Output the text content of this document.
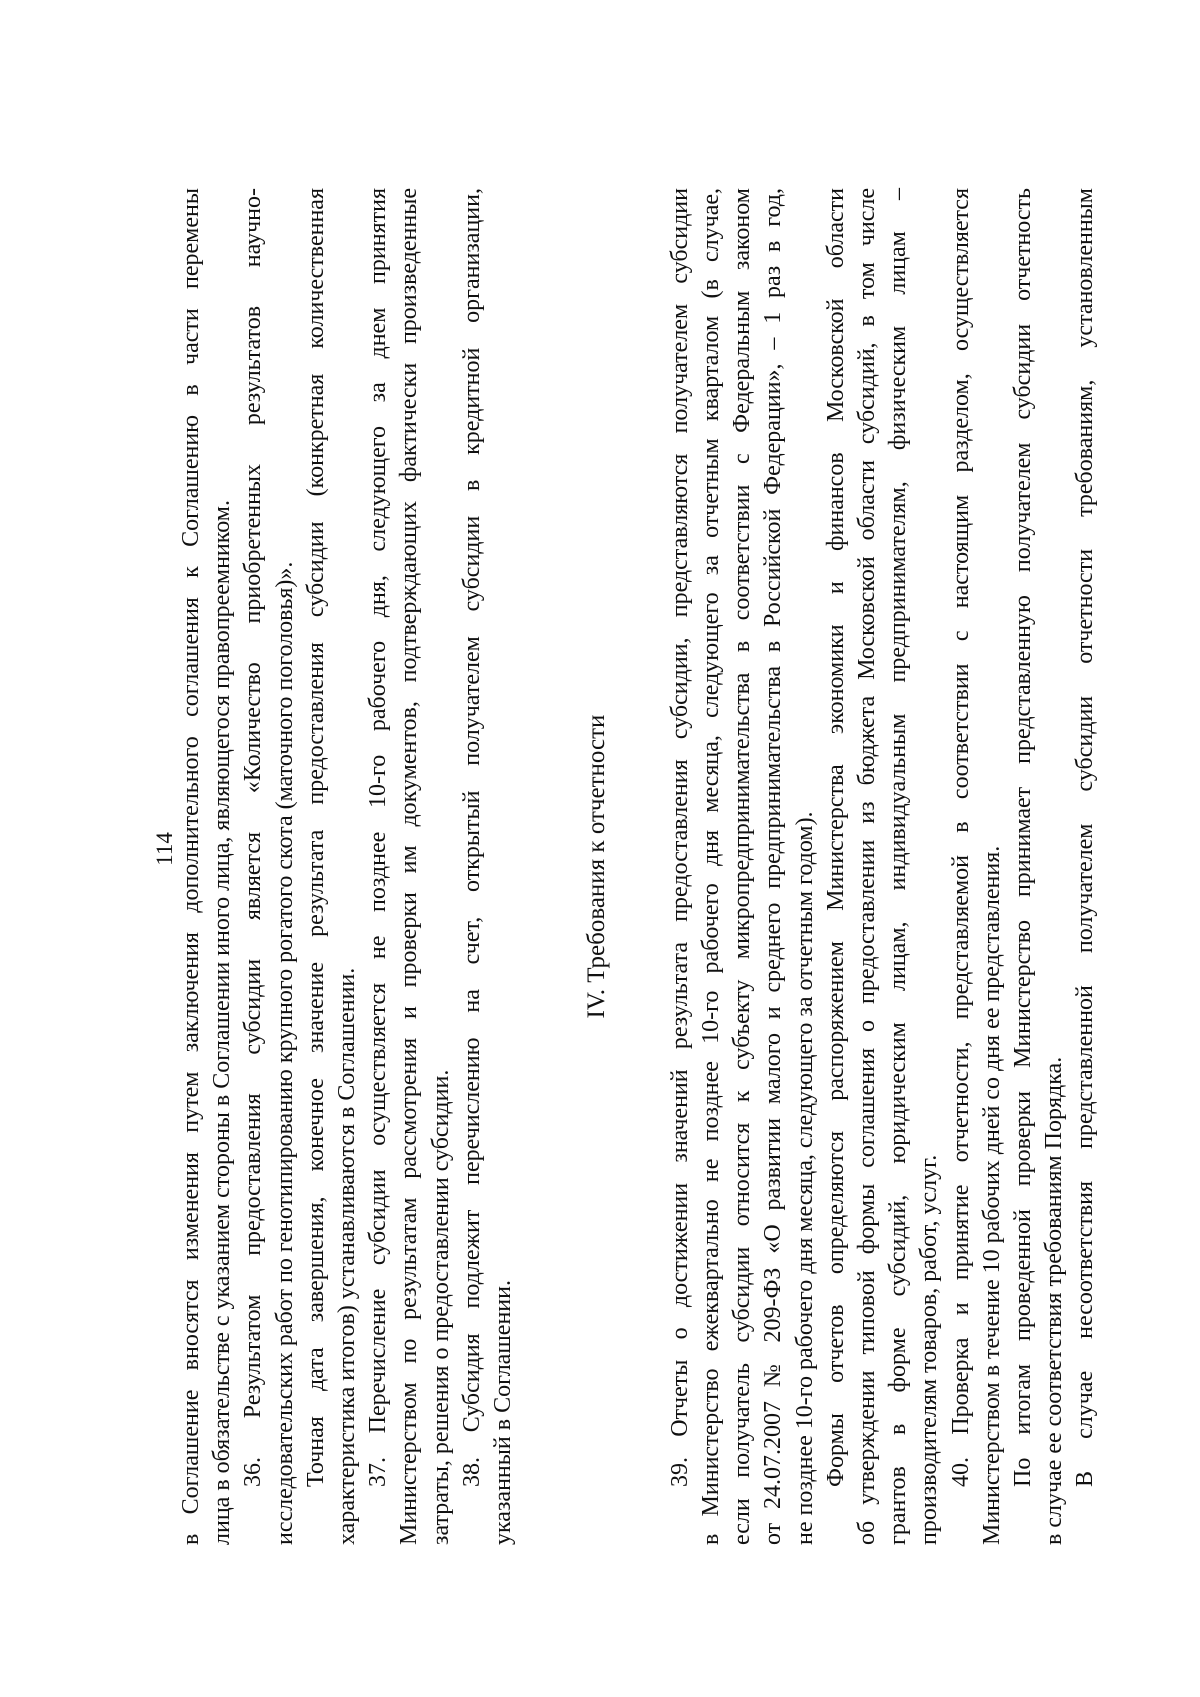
114 в Соглашение вносятся изменения путем заключения дополнительного соглашения к Соглашению в части перемены лица в обязательстве с указанием стороны в Соглашении иного лица, являющегося правопреемником. 36. Результатом предоставления субсидии является «Количество приобретенных результатов научно- исследовательских работ по генотипированию крупного рогатого скота (маточного поголовья)». Точная дата завершения, конечное значение результата предоставления субсидии (конкретная количественная характеристика итогов) устанавливаются в Соглашении. 37. Перечисление субсидии осуществляется не позднее 10-го рабочего дня, следующего за днем принятия Министерством по результатам рассмотрения и проверки им документов, подтверждающих фактически произведенные затраты, решения о предоставлении субсидии. 38. Субсидия подлежит перечислению на счет, открытый получателем субсидии в кредитной организации, указанный в Соглашении.
IV. Требования к отчетности 39. Отчеты о достижении значений результата предоставления субсидии, представляются получателем субсидии в Министерство ежеквартально не позднее 10-го рабочего дня месяца, следующего за отчетным кварталом (в случае, если получатель субсидии относится к субъекту микропредпринимательства в соответствии с Федеральным законом от 24.07.2007 № 209-ФЗ «О развитии малого и среднего предпринимательства в Российской Федерации», – 1 раз в год, не позднее 10-го рабочего дня месяца, следующего за отчетным годом). Формы отчетов определяются распоряжением Министерства экономики и финансов Московской области об утверждении типовой формы соглашения о предоставлении из бюджета Московской области субсидий, в том числе грантов в форме субсидий, юридическим лицам, индивидуальным предпринимателям, физическим лицам – производителям товаров, работ, услуг. 40. Проверка и принятие отчетности, представляемой в соответствии с настоящим разделом, осуществляется Министерством в течение 10 рабочих дней со дня ее представления. По итогам проведенной проверки Министерство принимает представленную получателем субсидии отчетность в случае ее соответствия требованиям Порядка. В случае несоответствия представленной получателем субсидии отчетности требованиям, установленным
